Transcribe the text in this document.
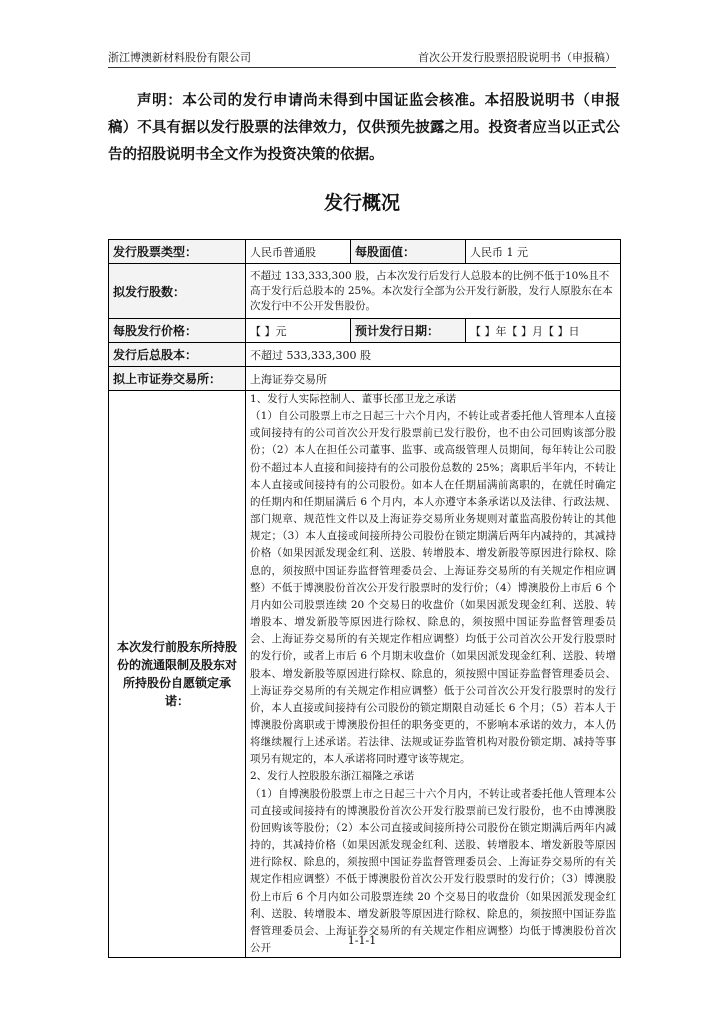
浙江博澳新材料股份有限公司	首次公开发行股票招股说明书（申报稿）

声明：本公司的发行申请尚未得到中国证监会核准。本招股说明书（申报稿）不具有据以发行股票的法律效力，仅供预先披露之用。投资者应当以正式公告的招股说明书全文作为投资决策的依据。

发行概况
发行股票类型：	人民币普通股	每股面值：	人民币 1 元
拟发行股数：	不超过 133,333,300 股，占本次发行后发行人总股本的比例不低于10%且不高于发行后总股本的 25%。本次发行全部为公开发行新股，发行人原股东在本次发行中不公开发售股份。		
每股发行价格：	【 】元	预计发行日期：	【 】年【 】月【 】日
发行后总股本：	不超过 533,333,300 股		
拟上市证券交易所：	上海证券交易所		
本次发行前股东所持股份的流通限制及股东对所持股份自愿锁定承诺：	1、发行人实际控制人、董事长邵卫龙之承诺

（1）自公司股票上市之日起三十六个月内，不转让或者委托他人管理本人直接或间接持有的公司首次公开发行股票前已发行股份，也不由公司回购该部分股份；（2）本人在担任公司董事、监事、或高级管理人员期间，每年转让公司股份不超过本人直接和间接持有的公司股份总数的 25%；离职后半年内，不转让本人直接或间接持有的公司股份。如本人在任期届满前离职的，在就任时确定的任期内和任期届满后 6 个月内，本人亦遵守本条承诺以及法律、行政法规、部门规章、规范性文件以及上海证券交易所业务规则对董监高股份转让的其他规定；（3）本人直接或间接所持公司股份在锁定期满后两年内减持的，其减持价格（如果因派发现金红利、送股、转增股本、增发新股等原因进行除权、除息的，须按照中国证券监督管理委员会、上海证券交易所的有关规定作相应调整）不低于博澳股份首次公开发行股票时的发行价；（4）博澳股份上市后 6 个月内如公司股票连续 20 个交易日的收盘价（如果因派发现金红利、送股、转增股本、增发新股等原因进行除权、除息的，须按照中国证券监督管理委员会、上海证券交易所的有关规定作相应调整）均低于公司首次公开发行股票时的发行价，或者上市后 6 个月期末收盘价（如果因派发现金红利、送股、转增股本、增发新股等原因进行除权、除息的，须按照中国证券监督管理委员会、上海证券交易所的有关规定作相应调整）低于公司首次公开发行股票时的发行价，本人直接或间接持有公司股份的锁定期限自动延长 6 个月；（5）若本人于博澳股份离职或于博澳股份担任的职务变更的，不影响本承诺的效力，本人仍将继续履行上述承诺。若法律、法规或证券监管机构对股份锁定期、减持等事项另有规定的，本人承诺将同时遵守该等规定。

2、发行人控股股东浙江福隆之承诺

（1）自博澳股份股票上市之日起三十六个月内，不转让或者委托他人管理本公司直接或间接持有的博澳股份首次公开发行股票前已发行股份，也不由博澳股份回购该等股份；（2）本公司直接或间接所持公司股份在锁定期满后两年内减持的，其减持价格（如果因派发现金红利、送股、转增股本、增发新股等原因进行除权、除息的，须按照中国证券监督管理委员会、上海证券交易所的有关规定作相应调整）不低于博澳股份首次公开发行股票时的发行价；（3）博澳股份上市后 6 个月内如公司股票连续 20 个交易日的收盘价（如果因派发现金红利、送股、转增股本、增发新股等原因进行除权、除息的，须按照中国证券监督管理委员会、上海证券交易所的有关规定作相应调整）均低于博澳股份首次公开		

1-1-1
